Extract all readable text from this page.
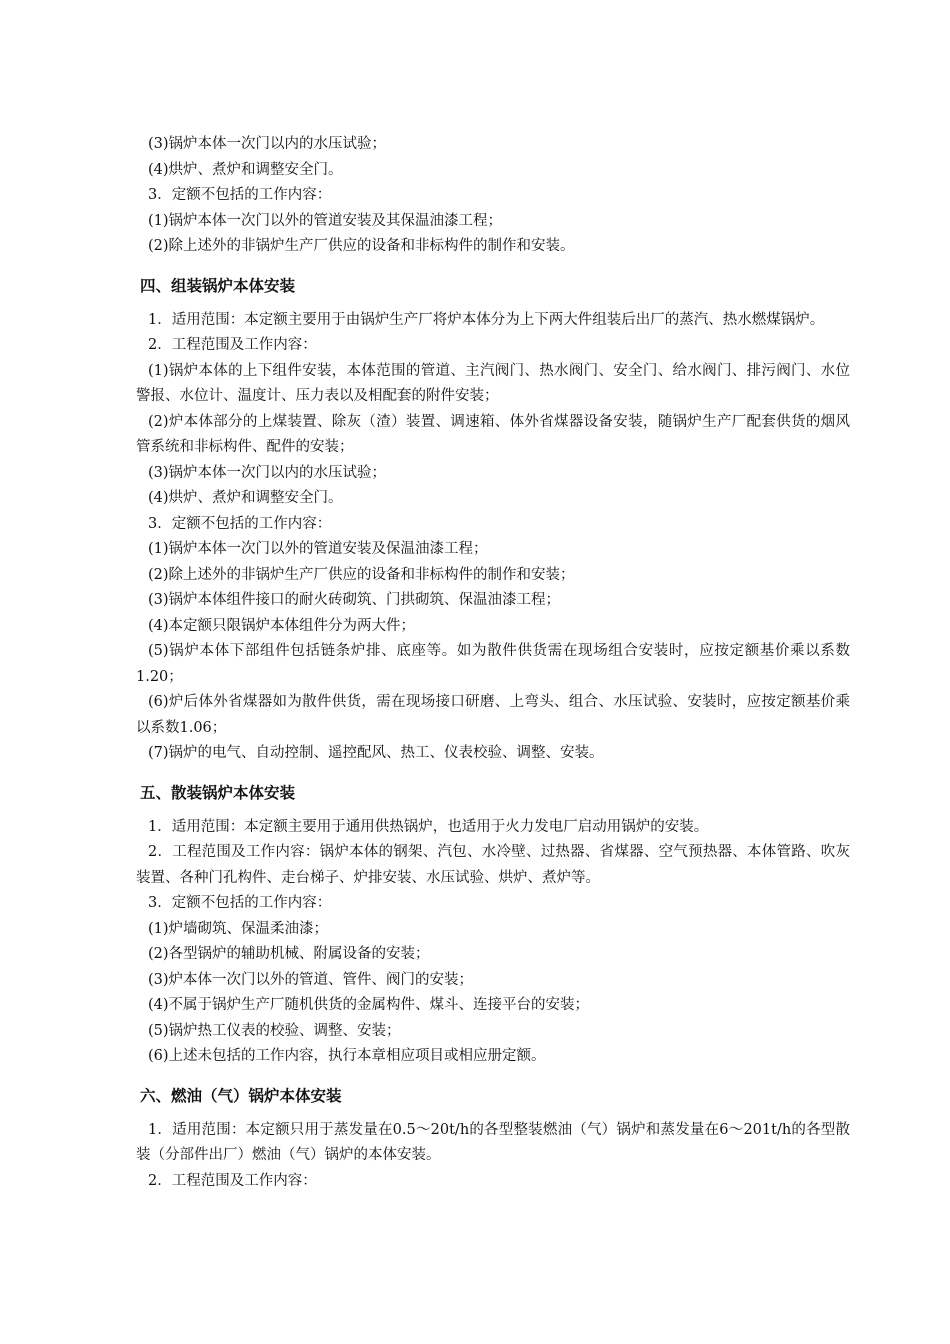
(3)锅炉本体一次门以内的水压试验；

(4)烘炉、煮炉和调整安全门。

3．定额不包括的工作内容：

(1)锅炉本体一次门以外的管道安装及其保温油漆工程；

(2)除上述外的非锅炉生产厂供应的设备和非标构件的制作和安装。

四、组装锅炉本体安装

1．适用范围：本定额主要用于由锅炉生产厂将炉本体分为上下两大件组装后出厂的蒸汽、热水燃煤锅炉。

2．工程范围及工作内容：

(1)锅炉本体的上下组件安装，本体范围的管道、主汽阀门、热水阀门、安全门、给水阀门、排污阀门、水位警报、水位计、温度计、压力表以及相配套的附件安装；

(2)炉本体部分的上煤装置、除灰（渣）装置、调速箱、体外省煤器设备安装，随锅炉生产厂配套供货的烟风管系统和非标构件、配件的安装；

(3)锅炉本体一次门以内的水压试验；

(4)烘炉、煮炉和调整安全门。

3．定额不包括的工作内容：

(1)锅炉本体一次门以外的管道安装及保温油漆工程；

(2)除上述外的非锅炉生产厂供应的设备和非标构件的制作和安装；

(3)锅炉本体组件接口的耐火砖砌筑、门拱砌筑、保温油漆工程；

(4)本定额只限锅炉本体组件分为两大件；

(5)锅炉本体下部组件包括链条炉排、底座等。如为散件供货需在现场组合安装时，应按定额基价乘以系数1.20；

(6)炉后体外省煤器如为散件供货，需在现场接口研磨、上弯头、组合、水压试验、安装时，应按定额基价乘以系数1.06；

(7)锅炉的电气、自动控制、遥控配风、热工、仪表校验、调整、安装。

五、散装锅炉本体安装

1．适用范围：本定额主要用于通用供热锅炉，也适用于火力发电厂启动用锅炉的安装。

2．工程范围及工作内容：锅炉本体的钢架、汽包、水冷壁、过热器、省煤器、空气预热器、本体管路、吹灰装置、各种门孔构件、走台梯子、炉排安装、水压试验、烘炉、煮炉等。

3．定额不包括的工作内容：

(1)炉墙砌筑、保温柔油漆；

(2)各型锅炉的辅助机械、附属设备的安装；

(3)炉本体一次门以外的管道、管件、阀门的安装；

(4)不属于锅炉生产厂随机供货的金属构件、煤斗、连接平台的安装；

(5)锅炉热工仪表的校验、调整、安装；

(6)上述未包括的工作内容，执行本章相应项目或相应册定额。

六、燃油（气）锅炉本体安装

1．适用范围：本定额只用于蒸发量在0.5～20t/h的各型整装燃油（气）锅炉和蒸发量在6～201t/h的各型散装（分部件出厂）燃油（气）锅炉的本体安装。

2．工程范围及工作内容：
